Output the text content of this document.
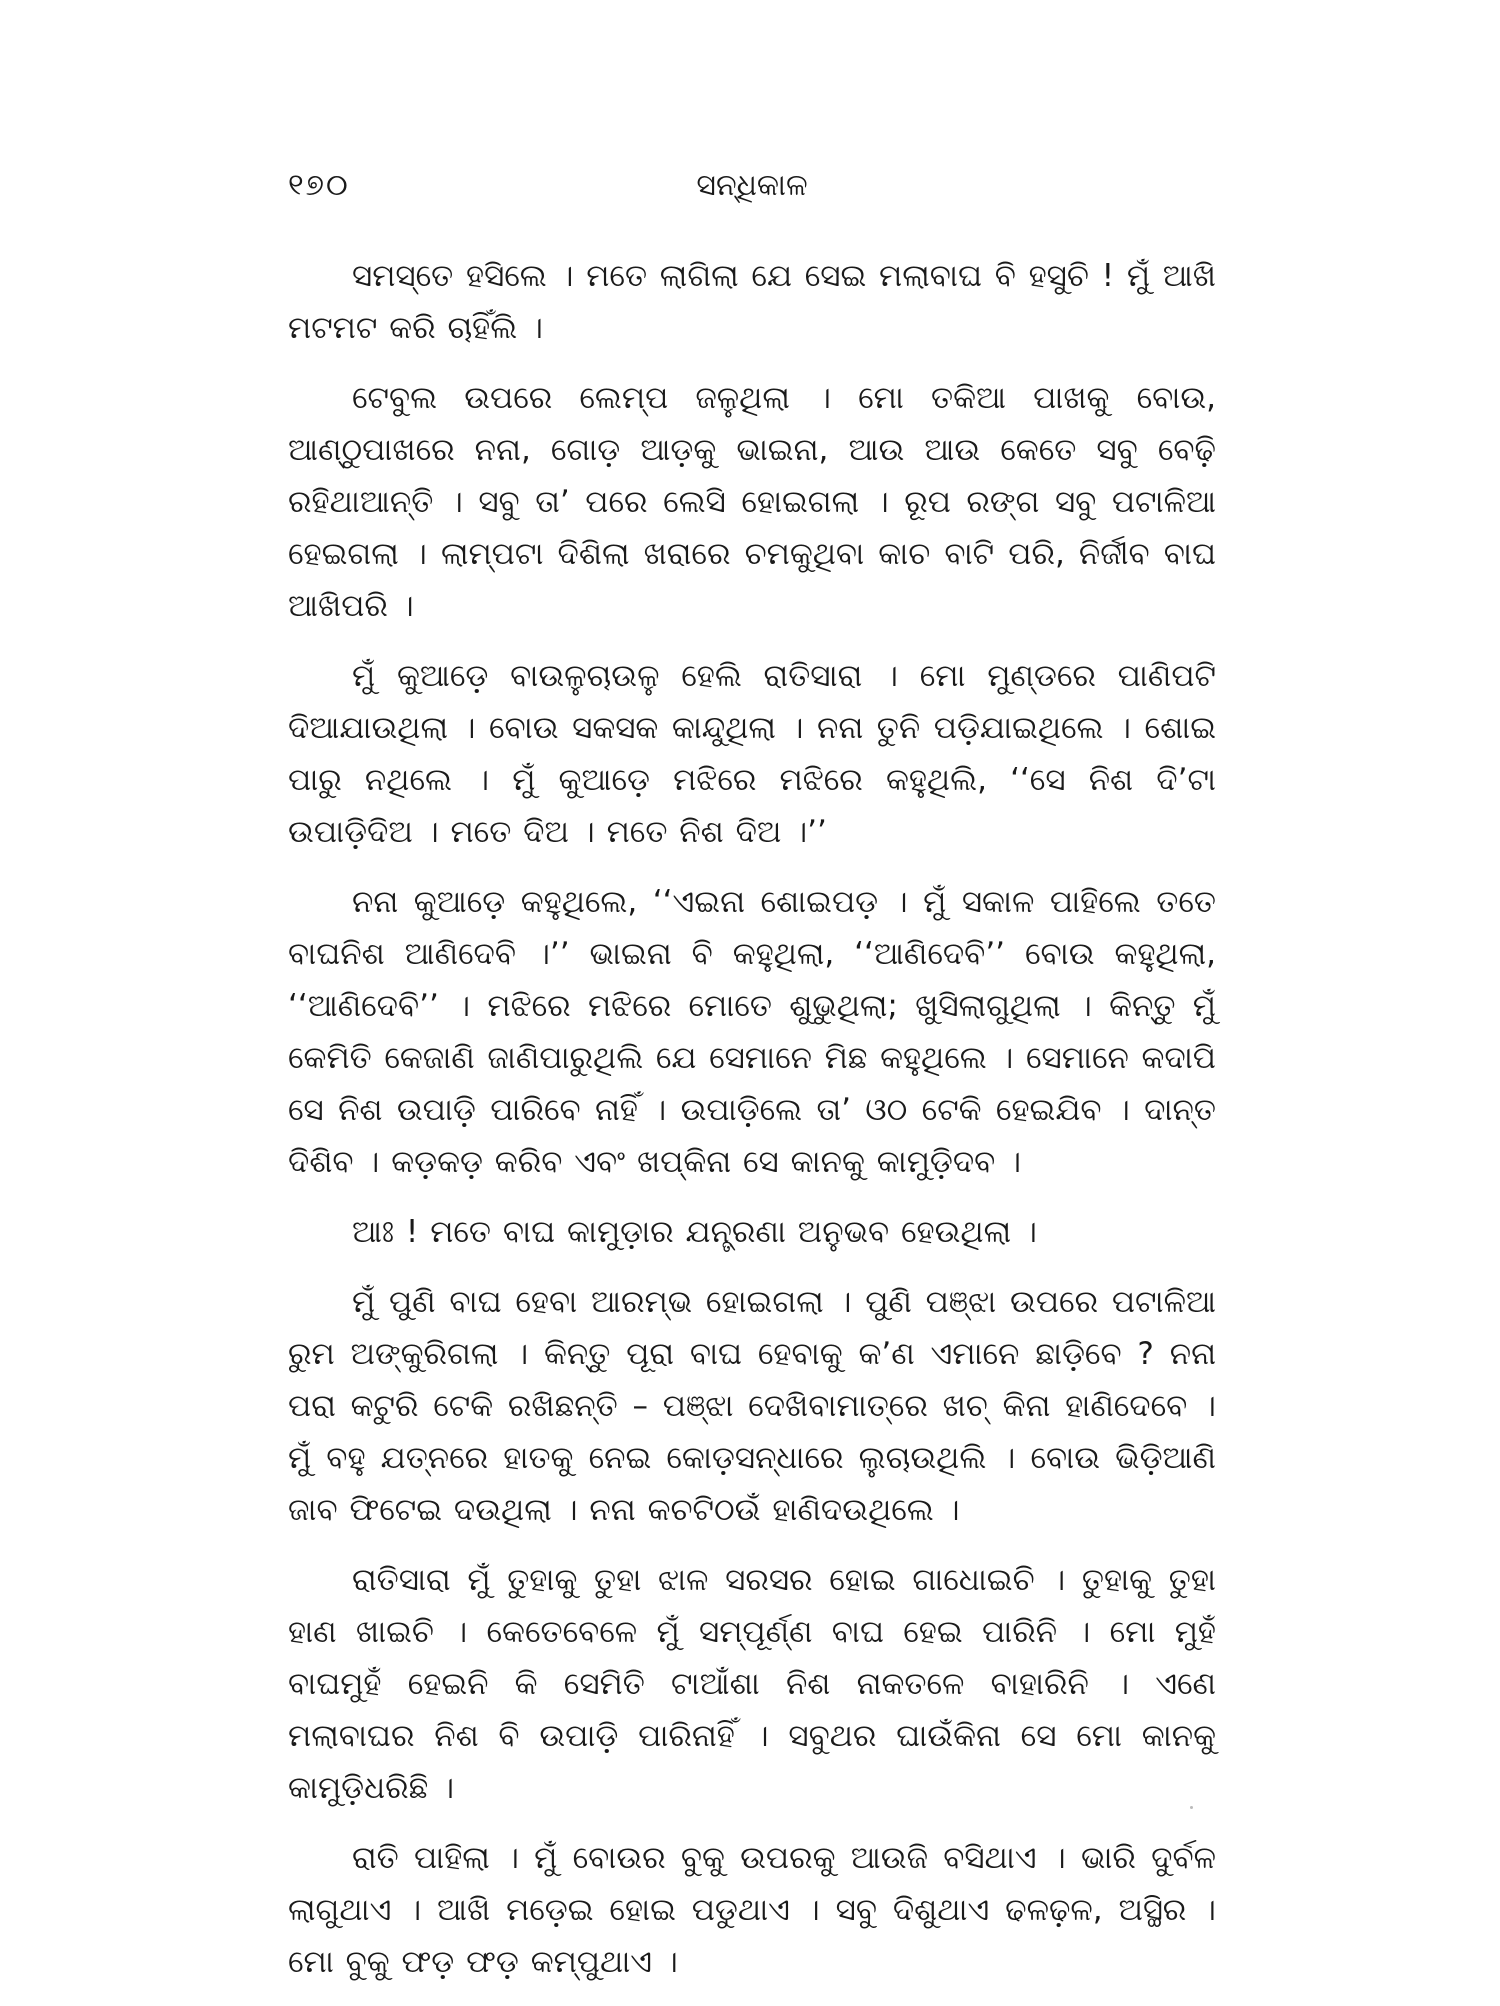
୧୭୦	ସନ୍ଧିକାଳ

ସମସ୍ତେ ହସିଲେ । ମତେ ଲାଗିଲା ଯେ ସେଇ ମଲାବାଘ ବି ହସୁଚି ! ମୁଁ ଆଖି ମଟମଟ କରି ଚାହିଁଲି ।

ଟେବୁଲ ଉପରେ ଲେମ୍ପ ଜଳୁଥିଲା । ମୋ ତକିଆ ପାଖକୁ ବୋଉ, ଆଣ୍ଠୁପାଖରେ ନନା, ଗୋଡ଼ ଆଡ଼କୁ ଭାଇନା, ଆଉ ଆଉ କେତେ ସବୁ ବେଢ଼ି ରହିଥାଆନ୍ତି । ସବୁ ତା’ ପରେ ଲେସି ହୋଇଗଲା । ରୂପ ରଙ୍ଗ ସବୁ ପଟାଳିଆ ହେଇଗଲା । ଲାମ୍ପଟା ଦିଶିଲା ଖରାରେ ଚମକୁଥିବା କାଚ ବାଟି ପରି, ନିର୍ଜୀବ ବାଘ ଆଖିପରି ।

ମୁଁ କୁଆଡ଼େ ବାଉଳୁଚାଉଳୁ ହେଲି ରାତିସାରା । ମୋ ମୁଣ୍ଡରେ ପାଣିପଟି ଦିଆଯାଉଥିଲା । ବୋଉ ସକସକ କାନ୍ଦୁଥିଲା । ନନା ତୁନି ପଡ଼ିଯାଇଥିଲେ । ଶୋଇ ପାରୁ ନଥିଲେ । ମୁଁ କୁଆଡ଼େ ମଝିରେ ମଝିରେ କହୁଥିଲି, ‘‘ସେ ନିଶ ଦି’ଟା ଉପାଡ଼ିଦିଅ । ମତେ ଦିଅ । ମତେ ନିଶ ଦିଅ ।’’

ନନା କୁଆଡ଼େ କହୁଥିଲେ, ‘‘ଏଇନା ଶୋଇପଡ଼ । ମୁଁ ସକାଳ ପାହିଲେ ତତେ ବାଘନିଶ ଆଣିଦେବି ।’’ ଭାଇନା ବି କହୁଥିଲା, ‘‘ଆଣିଦେବି’’ ବୋଉ କହୁଥିଲା, ‘‘ଆଣିଦେବି’’ । ମଝିରେ ମଝିରେ ମୋତେ ଶୁଭୁଥିଲା; ଖୁସିଲାଗୁଥିଲା । କିନ୍ତୁ ମୁଁ କେମିତି କେଜାଣି ଜାଣିପାରୁଥିଲି ଯେ ସେମାନେ ମିଛ କହୁଥିଲେ । ସେମାନେ କଦାପି ସେ ନିଶ ଉପାଡ଼ି ପାରିବେ ନାହିଁ । ଉପାଡ଼ିଲେ ତା’ ଓଠ ଟେକି ହେଇଯିବ । ଦାନ୍ତ ଦିଶିବ । କଡ଼କଡ଼ କରିବ ଏବଂ ଖପ୍‌କିନା ସେ କାନକୁ କାମୁଡ଼ିଦବ ।

ଆଃ ! ମତେ ବାଘ କାମୁଡ଼ାର ଯନ୍ତ୍ରଣା ଅନୁଭବ ହେଉଥିଲା ।

ମୁଁ ପୁଣି ବାଘ ହେବା ଆରମ୍ଭ ହୋଇଗଲା । ପୁଣି ପଞ୍ଝା ଉପରେ ପଟାଳିଆ ରୁମ ଅଙ୍କୁରିଗଲା । କିନ୍ତୁ ପୂରା ବାଘ ହେବାକୁ କ’ଣ ଏମାନେ ଛାଡ଼ିବେ ? ନନା ପରା କଟୁରି ଟେକି ରଖିଛନ୍ତି – ପଞ୍ଝା ଦେଖିବାମାତ୍ରେ ଖଚ୍ କିନା ହାଣିଦେବେ । ମୁଁ ବହୁ ଯତ୍ନରେ ହାତକୁ ନେଇ କୋଡ଼ସନ୍ଧାରେ ଲୁଚାଉଥିଲି । ବୋଉ ଭିଡ଼ିଆଣି ଜାବ ଫିଟେଇ ଦଉଥିଲା । ନନା କଚଟିଠଉଁ ହାଣିଦଉଥିଲେ ।

ରାତିସାରା ମୁଁ ତୁହାକୁ ତୁହା ଝାଳ ସରସର ହୋଇ ଗାଧୋଇଚି । ତୁହାକୁ ତୁହା ହାଣ ଖାଇଚି । କେତେବେଳେ ମୁଁ ସମ୍ପୂର୍ଣ୍ଣ ବାଘ ହେଇ ପାରିନି । ମୋ ମୁହଁ ବାଘମୁହଁ ହେଇନି କି ସେମିତି ଟାଆଁଶା ନିଶ ନାକତଳେ ବାହାରିନି । ଏଣେ ମଲାବାଘର ନିଶ ବି ଉପାଡ଼ି ପାରିନାହିଁ । ସବୁଥର ଘାଉଁକିନା ସେ ମୋ କାନକୁ କାମୁଡ଼ିଧରିଛି ।

ରାତି ପାହିଲା । ମୁଁ ବୋଉର ବୁକୁ ଉପରକୁ ଆଉଜି ବସିଥାଏ । ଭାରି ଦୁର୍ବଳ ଲାଗୁଥାଏ । ଆଖି ମଡ଼େଇ ହୋଇ ପଡୁଥାଏ । ସବୁ ଦିଶୁଥାଏ ଢଳଢ଼ଳ, ଅସ୍ଥିର । ମୋ ବୁକୁ ଫଡ଼ ଫଡ଼ କମ୍ପୁଥାଏ ।
